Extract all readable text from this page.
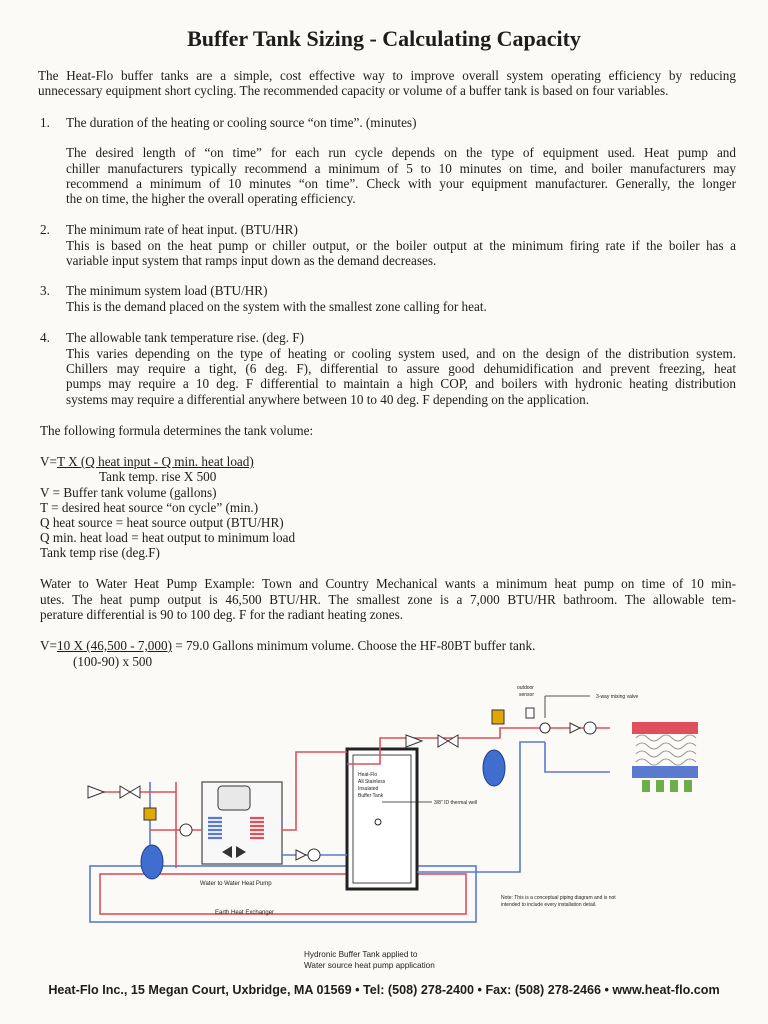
Buffer Tank Sizing - Calculating Capacity
The Heat-Flo buffer tanks are a simple, cost effective way to improve overall system operating efficiency by reducing
unnecessary equipment short cycling. The recommended capacity or volume of a buffer tank is based on four variables.
1. The duration of the heating or cooling source “on time”. (minutes)
The desired length of “on time” for each run cycle depends on the type of equipment used. Heat pump and
chiller manufacturers typically recommend a minimum of 5 to 10 minutes on time, and boiler manufacturers may
recommend a minimum of 10 minutes “on time”. Check with your equipment manufacturer. Generally, the longer
the on time, the higher the overall operating efficiency.
2. The minimum rate of heat input. (BTU/HR)
This is based on the heat pump or chiller output, or the boiler output at the minimum firing rate if the boiler has a
variable input system that ramps input down as the demand decreases.
3. The minimum system load (BTU/HR)
This is the demand placed on the system with the smallest zone calling for heat.
4. The allowable tank temperature rise. (deg. F)
This varies depending on the type of heating or cooling system used, and on the design of the distribution system.
Chillers may require a tight, (6 deg. F), differential to assure good dehumidification and prevent freezing, heat
pumps may require a 10 deg. F differential to maintain a high COP, and boilers with hydronic heating distribution
systems may require a differential anywhere between 10 to 40 deg. F depending on the application.
The following formula determines the tank volume:
V=T X (Q heat input - Q min. heat load)
Tank temp. rise X 500
V = Buffer tank volume (gallons)
T = desired heat source “on cycle” (min.)
Q heat source = heat source output (BTU/HR)
Q min. heat load = heat output to minimum load
Tank temp rise (deg.F)
Water to Water Heat Pump Example: Town and Country Mechanical wants a minimum heat pump on time of 10 min-
utes. The heat pump output is 46,500 BTU/HR. The smallest zone is a 7,000 BTU/HR bathroom. The allowable tem-
perature differential is 90 to 100 deg. F for the radiant heating zones.
V=10 X (46,500 - 7,000) = 79.0 Gallons minimum volume. Choose the HF-80BT buffer tank.
(100-90) x 500
Earth Heat Exchanger
Water to Water Heat Pump
Heat-Flo
All Stainless
Insulated
Buffer Tank
3/8" ID thermal well
outdoor
sensor	3-way mixing valve
Note: This is a conceptual piping diagram and is not
intended to include every installation detail.
Hydronic Buffer Tank applied to
Water source heat pump application
Heat-Flo Inc., 15 Megan Court, Uxbridge, MA 01569 • Tel: (508) 278-2400 • Fax: (508) 278-2466 • www.heat-flo.com
